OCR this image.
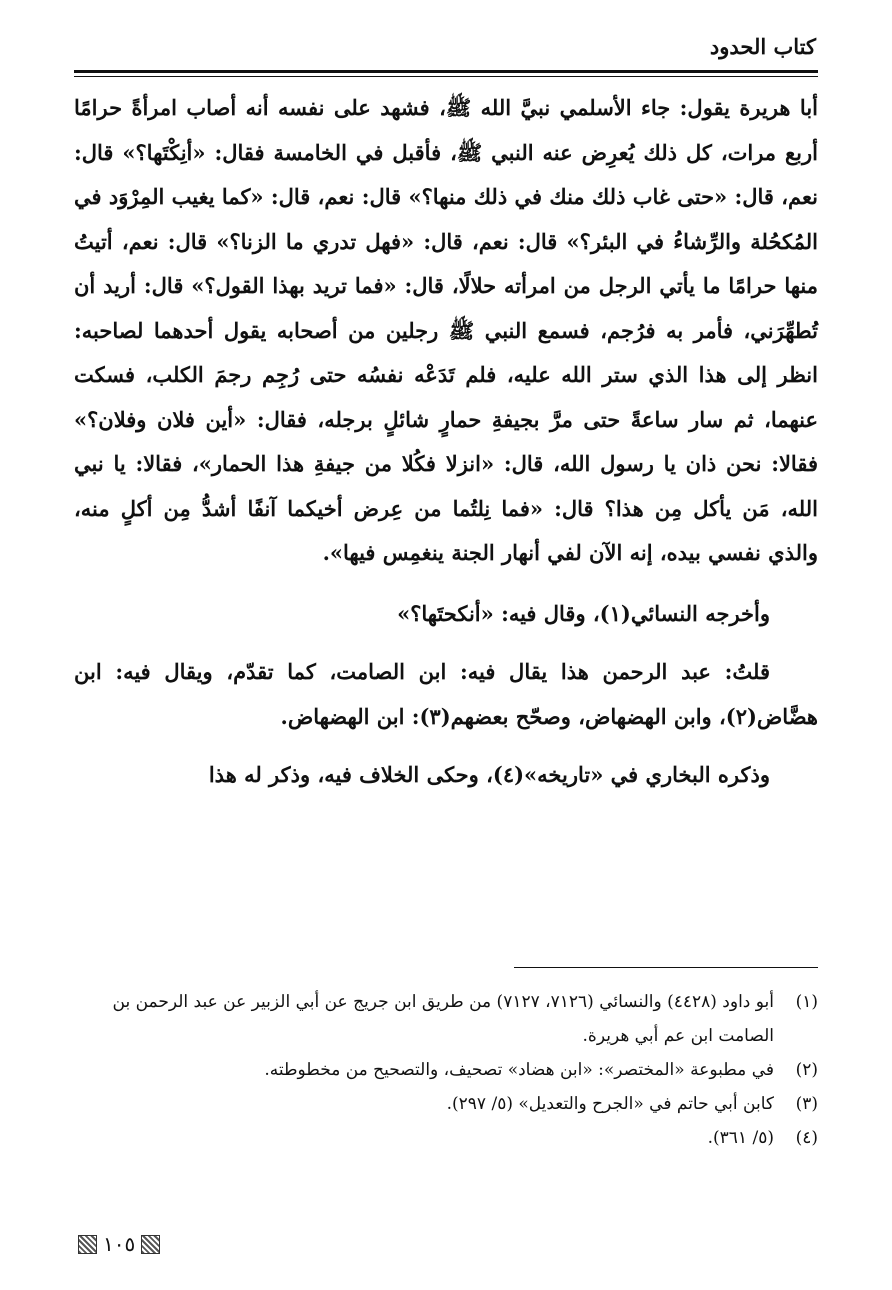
كتاب الحدود

أبا هريرة يقول: جاء الأسلمي نبيَّ الله ﷺ، فشهد على نفسه أنه أصاب امرأةً حرامًا أربع مرات، كل ذلك يُعرِض عنه النبي ﷺ، فأقبل في الخامسة فقال: «أنِكْتَها؟» قال: نعم، قال: «حتى غاب ذلك منك في ذلك منها؟» قال: نعم، قال: «كما يغيب المِرْوَد في المُكحُلة والرِّشاءُ في البئر؟» قال: نعم، قال: «فهل تدري ما الزنا؟» قال: نعم، أتيتُ منها حرامًا ما يأتي الرجل من امرأته حلالًا، قال: «فما تريد بهذا القول؟» قال: أريد أن تُطهِّرَني، فأمر به فرُجم، فسمع النبي ﷺ رجلين من أصحابه يقول أحدهما لصاحبه: انظر إلى هذا الذي ستر الله عليه، فلم تَدَعْه نفسُه حتى رُجِم رجمَ الكلب، فسكت عنهما، ثم سار ساعةً حتى مرَّ بجيفةِ حمارٍ شائلٍ برجله، فقال: «أين فلان وفلان؟» فقالا: نحن ذان يا رسول الله، قال: «انزلا فكُلا من جيفةِ هذا الحمار»، فقالا: يا نبي الله، مَن يأكل مِن هذا؟ قال: «فما نِلتُما من عِرض أخيكما آنفًا أشدُّ مِن أكلٍ منه، والذي نفسي بيده، إنه الآن لفي أنهار الجنة ينغمِس فيها».

وأخرجه النسائي(١)، وقال فيه: «أنكحتَها؟»

قلتُ: عبد الرحمن هذا يقال فيه: ابن الصامت، كما تقدّم، ويقال فيه: ابن هضَّاض(٢)، وابن الهضهاض، وصحّح بعضهم(٣): ابن الهضهاض.

وذكره البخاري في «تاريخه»(٤)، وحكى الخلاف فيه، وذكر له هذا

(١)
أبو داود (٤٤٢٨) والنسائي (٧١٢٦، ٧١٢٧) من طريق ابن جريج عن أبي الزبير عن عبد الرحمن بن الصامت ابن عم أبي هريرة.
(٢)
في مطبوعة «المختصر»: «ابن هضاد» تصحيف، والتصحيح من مخطوطته.
(٣)
كابن أبي حاتم في «الجرح والتعديل» (٥/ ٢٩٧).
(٤)
(٥/ ٣٦١).
١٠٥
